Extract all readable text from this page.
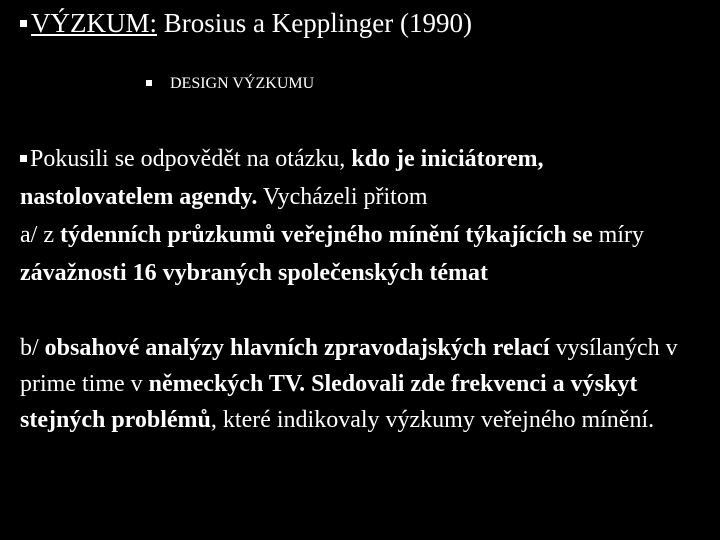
VÝZKUM: Brosius a Kepplinger (1990)
DESIGN VÝZKUMU
Pokusili se odpovědět na otázku, kdo je iniciátorem, nastolovatelem agendy. Vycházeli přitom
a/ z týdenních průzkumů veřejného mínění týkajících se míry závažnosti 16 vybraných společenských témat
b/ obsahové analýzy hlavních zpravodajských relací vysílaných v prime time v německých TV. Sledovali zde frekvenci a výskyt stejných problémů, které indikovaly výzkumy veřejného mínění.
